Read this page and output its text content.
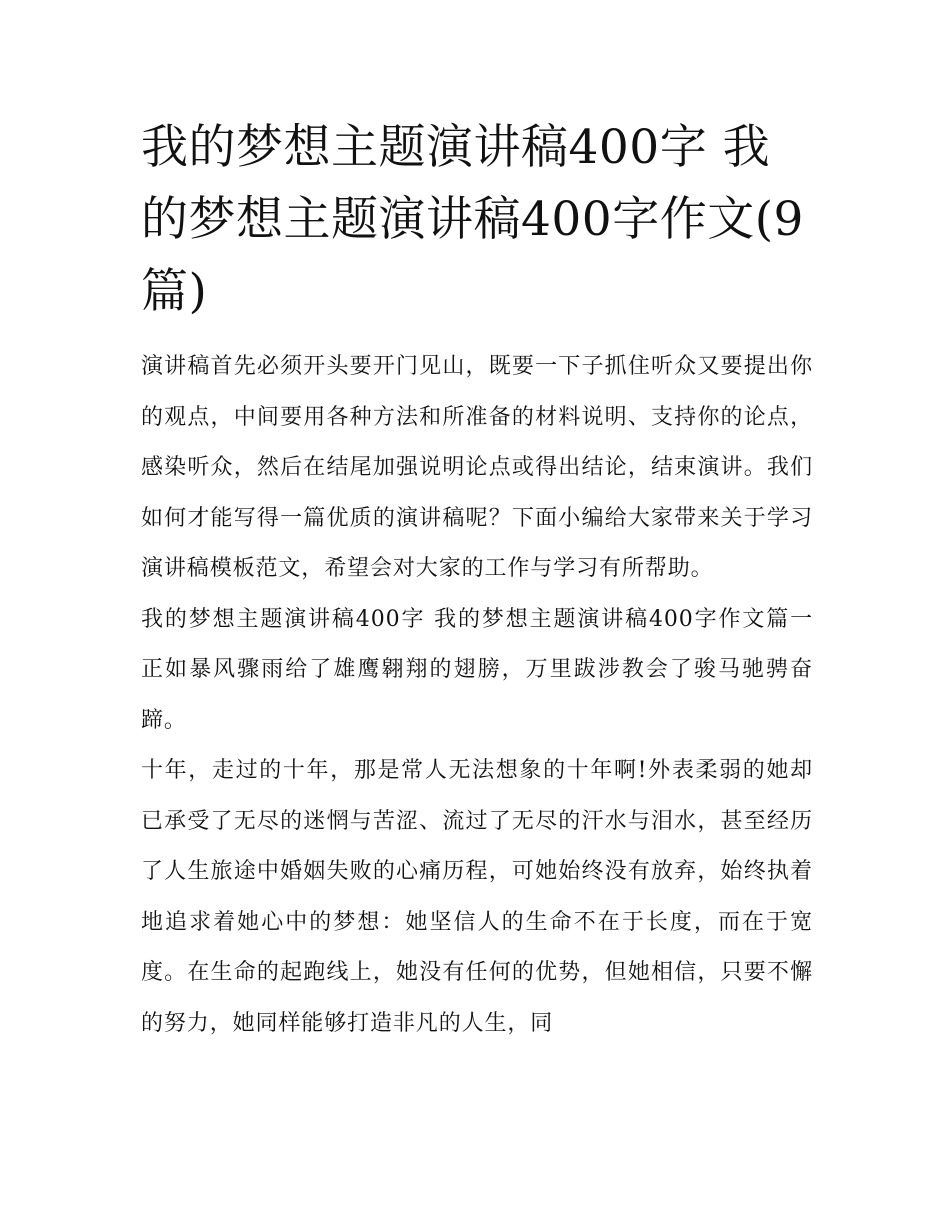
我的梦想主题演讲稿400字 我的梦想主题演讲稿400字作文(9篇)

演讲稿首先必须开头要开门见山，既要一下子抓住听众又要提出你的观点，中间要用各种方法和所准备的材料说明、支持你的论点，感染听众，然后在结尾加强说明论点或得出结论，结束演讲。我们如何才能写得一篇优质的演讲稿呢？下面小编给大家带来关于学习演讲稿模板范文，希望会对大家的工作与学习有所帮助。

我的梦想主题演讲稿400字 我的梦想主题演讲稿400字作文篇一 正如暴风骤雨给了雄鹰翱翔的翅膀，万里跋涉教会了骏马驰骋奋蹄。

十年，走过的十年，那是常人无法想象的十年啊!外表柔弱的她却已承受了无尽的迷惘与苦涩、流过了无尽的汗水与泪水，甚至经历了人生旅途中婚姻失败的心痛历程，可她始终没有放弃，始终执着地追求着她心中的梦想：她坚信人的生命不在于长度，而在于宽度。在生命的起跑线上，她没有任何的优势，但她相信，只要不懈的努力，她同样能够打造非凡的人生，同
